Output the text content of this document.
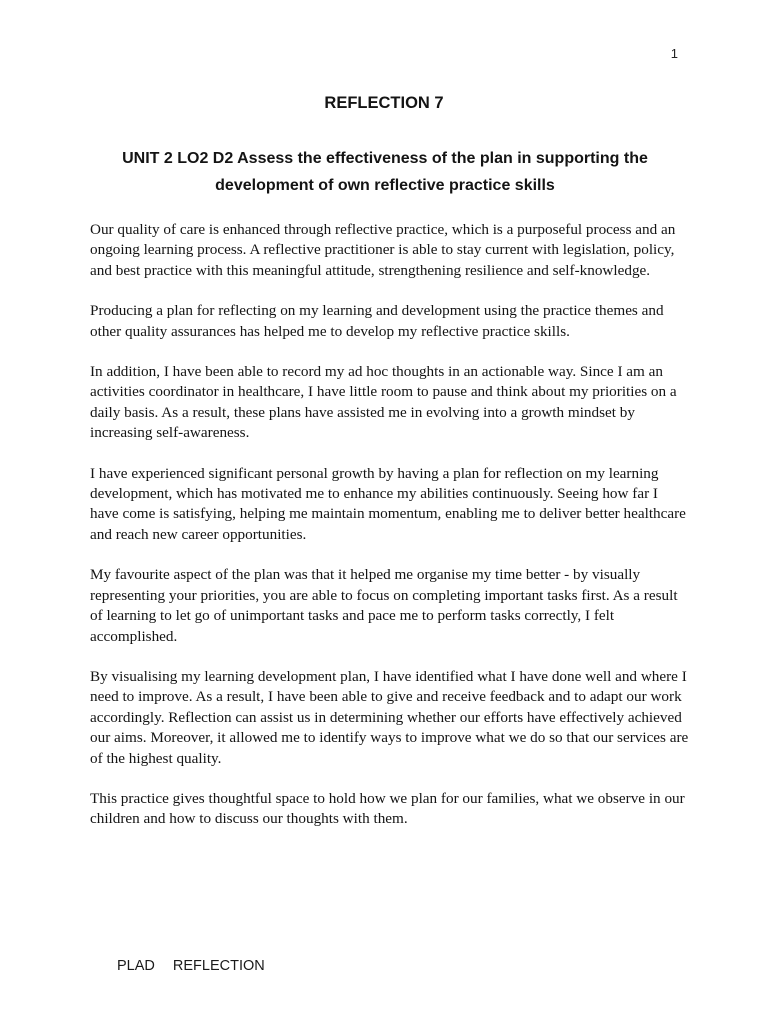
1
REFLECTION 7
UNIT 2 LO2 D2 Assess the effectiveness of the plan in supporting the development of own reflective practice skills

Our quality of care is enhanced through reflective practice, which is a purposeful process and an ongoing learning process. A reflective practitioner is able to stay current with legislation, policy, and best practice with this meaningful attitude, strengthening resilience and self-knowledge.

Producing a plan for reflecting on my learning and development using the practice themes and other quality assurances has helped me to develop my reflective practice skills.

In addition, I have been able to record my ad hoc thoughts in an actionable way. Since I am an activities coordinator in healthcare, I have little room to pause and think about my priorities on a daily basis. As a result, these plans have assisted me in evolving into a growth mindset by increasing self-awareness.

I have experienced significant personal growth by having a plan for reflection on my learning development, which has motivated me to enhance my abilities continuously. Seeing how far I have come is satisfying, helping me maintain momentum, enabling me to deliver better healthcare and reach new career opportunities.

My favourite aspect of the plan was that it helped me organise my time better - by visually representing your priorities, you are able to focus on completing important tasks first. As a result of learning to let go of unimportant tasks and pace me to perform tasks correctly, I felt accomplished.

By visualising my learning development plan, I have identified what I have done well and where I need to improve. As a result, I have been able to give and receive feedback and to adapt our work accordingly. Reflection can assist us in determining whether our efforts have effectively achieved our aims. Moreover, it allowed me to identify ways to improve what we do so that our services are of the highest quality.

This practice gives thoughtful space to hold how we plan for our families, what we observe in our children and how to discuss our thoughts with them.

PLAD REFLECTION
